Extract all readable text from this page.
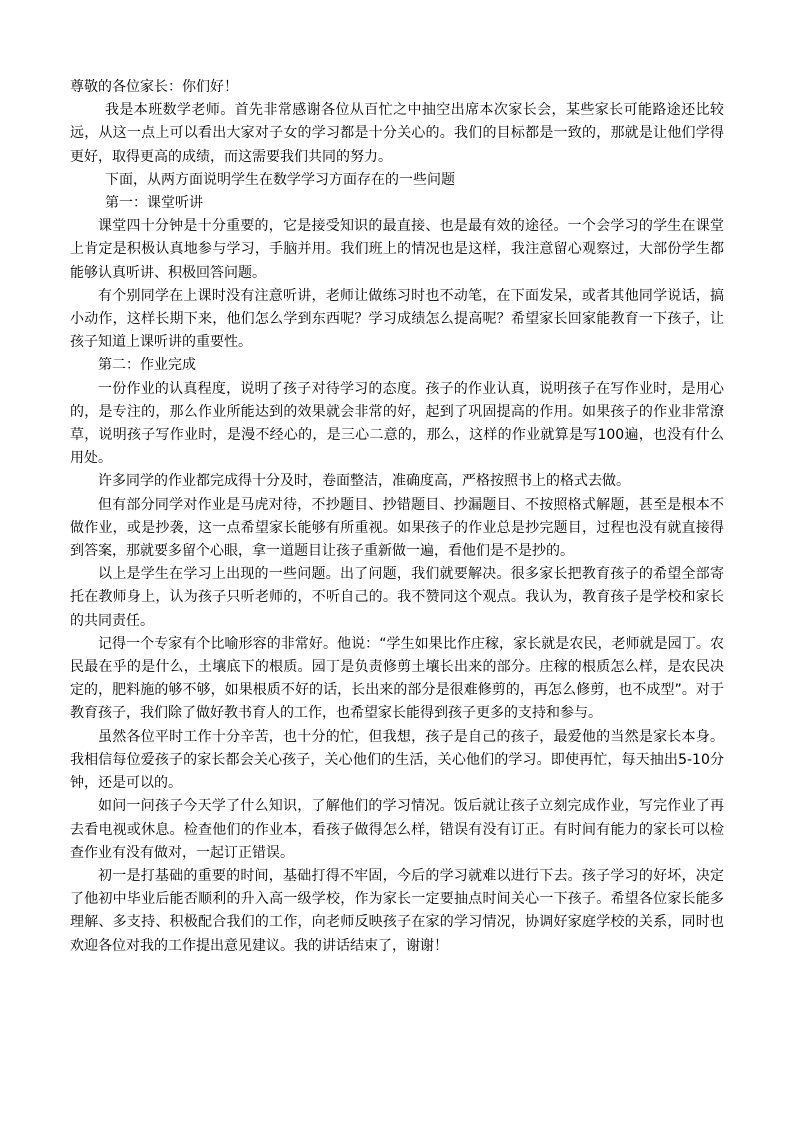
尊敬的各位家长：你们好！

我是本班数学老师。首先非常感谢各位从百忙之中抽空出席本次家长会，某些家长可能路途还比较远，从这一点上可以看出大家对子女的学习都是十分关心的。我们的目标都是一致的，那就是让他们学得更好，取得更高的成绩，而这需要我们共同的努力。

下面，从两方面说明学生在数学学习方面存在的一些问题

第一：课堂听讲

课堂四十分钟是十分重要的，它是接受知识的最直接、也是最有效的途径。一个会学习的学生在课堂上肯定是积极认真地参与学习，手脑并用。我们班上的情况也是这样，我注意留心观察过，大部份学生都能够认真听讲、积极回答问题。

有个别同学在上课时没有注意听讲，老师让做练习时也不动笔，在下面发呆，或者其他同学说话，搞小动作，这样长期下来，他们怎么学到东西呢？学习成绩怎么提高呢？希望家长回家能教育一下孩子，让孩子知道上课听讲的重要性。

第二：作业完成

一份作业的认真程度，说明了孩子对待学习的态度。孩子的作业认真，说明孩子在写作业时，是用心的，是专注的，那么作业所能达到的效果就会非常的好，起到了巩固提高的作用。如果孩子的作业非常潦草，说明孩子写作业时，是漫不经心的，是三心二意的，那么，这样的作业就算是写100遍，也没有什么用处。

许多同学的作业都完成得十分及时，卷面整洁，准确度高，严格按照书上的格式去做。

但有部分同学对作业是马虎对待，不抄题目、抄错题目、抄漏题目、不按照格式解题，甚至是根本不做作业，或是抄袭，这一点希望家长能够有所重视。如果孩子的作业总是抄完题目，过程也没有就直接得到答案，那就要多留个心眼，拿一道题目让孩子重新做一遍，看他们是不是抄的。

以上是学生在学习上出现的一些问题。出了问题，我们就要解决。很多家长把教育孩子的希望全部寄托在教师身上，认为孩子只听老师的，不听自己的。我不赞同这个观点。我认为，教育孩子是学校和家长的共同责任。

记得一个专家有个比喻形容的非常好。他说：“学生如果比作庄稼，家长就是农民，老师就是园丁。农民最在乎的是什么，土壤底下的根质。园丁是负责修剪土壤长出来的部分。庄稼的根质怎么样，是农民决定的，肥料施的够不够，如果根质不好的话，长出来的部分是很难修剪的，再怎么修剪，也不成型”。对于教育孩子，我们除了做好教书育人的工作，也希望家长能得到孩子更多的支持和参与。

虽然各位平时工作十分辛苦，也十分的忙，但我想，孩子是自己的孩子，最爱他的当然是家长本身。我相信每位爱孩子的家长都会关心孩子，关心他们的生活，关心他们的学习。即使再忙，每天抽出5-10分钟，还是可以的。

如问一问孩子今天学了什么知识，了解他们的学习情况。饭后就让孩子立刻完成作业，写完作业了再去看电视或休息。检查他们的作业本，看孩子做得怎么样，错误有没有订正。有时间有能力的家长可以检查作业有没有做对，一起订正错误。

初一是打基础的重要的时间，基础打得不牢固，今后的学习就难以进行下去。孩子学习的好坏，决定了他初中毕业后能否顺利的升入高一级学校，作为家长一定要抽点时间关心一下孩子。希望各位家长能多理解、多支持、积极配合我们的工作，向老师反映孩子在家的学习情况，协调好家庭学校的关系，同时也欢迎各位对我的工作提出意见建议。我的讲话结束了，谢谢！
